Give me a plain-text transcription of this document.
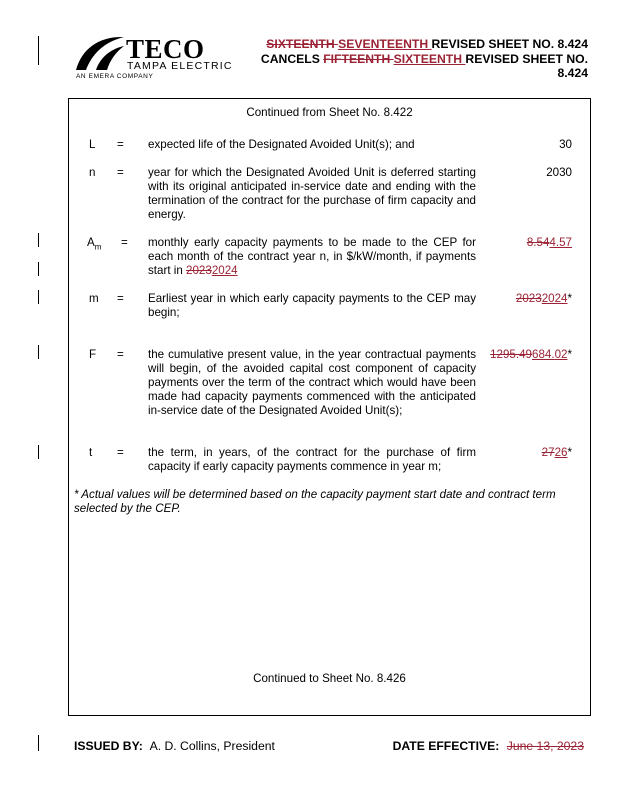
TECO
TAMPA ELECTRIC
AN EMERA COMPANY
SIXTEENTH SEVENTEENTH REVISED SHEET NO. 8.424
CANCELS FIFTEENTH SIXTEENTH REVISED SHEET NO.
8.424
Continued from Sheet No. 8.422
L = expected life of the Designated Avoided Unit(s); and	30
n = year for which the Designated Avoided Unit is deferred starting with its original anticipated in-service date and ending with the termination of the contract for the purchase of firm capacity and energy.
2030
$A_m$ = monthly early capacity payments to be made to the CEP for each month of the contract year n, in $/kW/month, if payments start in 20232024
8.544.57
m = Earliest year in which early capacity payments to the CEP may begin;
20232024*
F = the cumulative present value, in the year contractual payments will begin, of the avoided capital cost component of capacity payments over the term of the contract which would have been made had capacity payments commenced with the anticipated in-service date of the Designated Avoided Unit(s);
1295.49684.02*
t = the term, in years, of the contract for the purchase of firm capacity if early capacity payments commence in year m;
2726*
* Actual values will be determined based on the capacity payment start date and contract term selected by the CEP.
Continued to Sheet No. 8.426
ISSUED BY: A. D. Collins, President	DATE EFFECTIVE: June 13, 2023
